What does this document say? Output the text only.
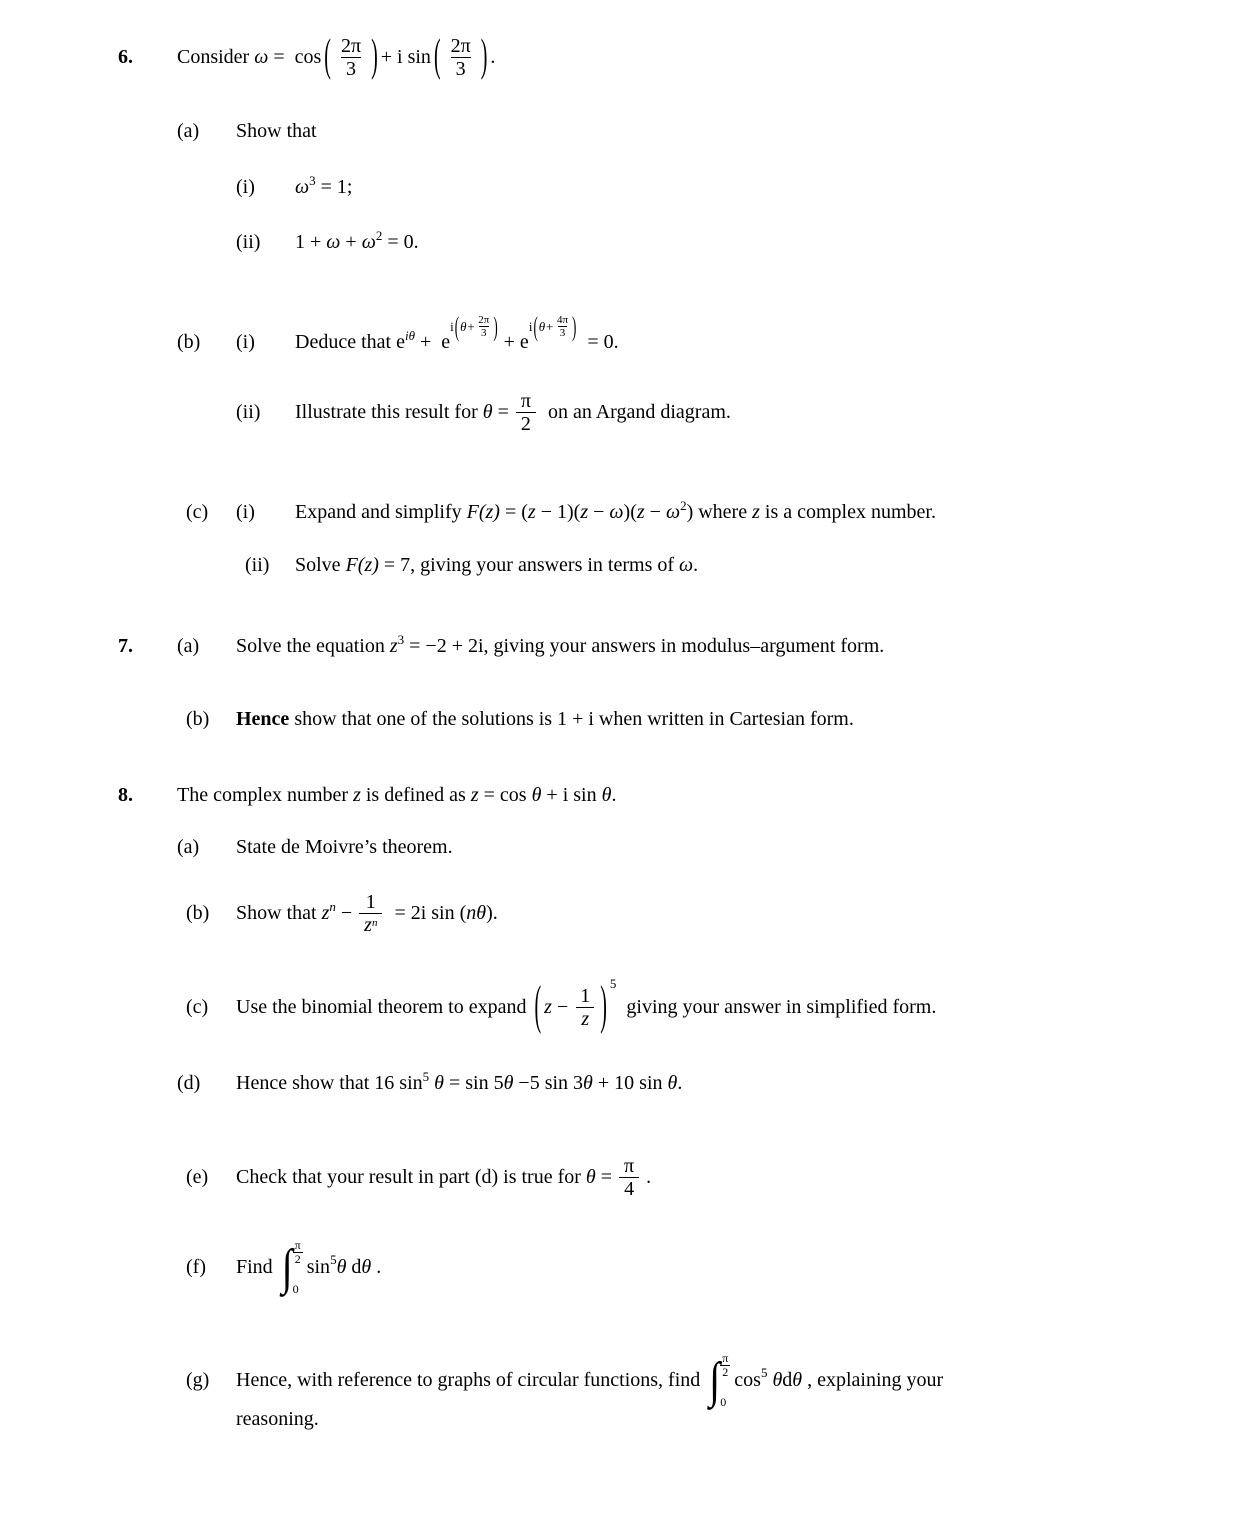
6.	Consider ω =  cos ( $\frac{2\pi}{3}$ ) + i sin ( $\frac{2\pi}{3}$ ) .
(a)	Show that
(i)	ω 3 = 1;
(ii)	1 + ω + ω 2 = 0.
(b)	(i)	Deduce that e iθ +  e
i ( $\theta+ \frac{2\pi}{3}$ )
+ e
i ( $\theta+ \frac{4\pi}{3}$ )
= 0.
(ii)	Illustrate this result for $\theta = \frac{\pi}{2}$ on an Argand diagram.
(c)	(i)	Expand and simplify F(z) = ( z − 1)( z − ω )( z − ω 2 ) where z is a complex number.
(ii)	Solve F(z) = 7, giving your answers in terms of ω .
7.	(a)	Solve the equation z 3 = −2 + 2i, giving your answers in modulus–argument form.
(b)	Hence show that one of the solutions is 1 + i when written in Cartesian form.
8.	The complex number z is defined as z = cos θ + i sin θ .
(a)	State de Moivre’s theorem.
(b)	Show that z $n - \frac{1}{z^n} = 2i$ sin ( nθ ).
(c)	Use the binomial theorem to expand ( $z - \frac{1}{z}$ ) 5
giving your answer in simplified form.
(d)	Hence show that 16 sin 5
θ = sin 5 θ −5 sin 3 θ + 10 sin θ .
(e)	Check that your result in part (d) is true for $\theta = \frac{\pi}{4}$ .
(f)	Find ∫ $\frac{\pi}{2}$
0
sin 5 θ d θ .
(g)	Hence, with reference to graphs of circular functions, find ∫ $\frac{\pi}{2}$
0
cos 5 θ d θ , explaining your
reasoning.
